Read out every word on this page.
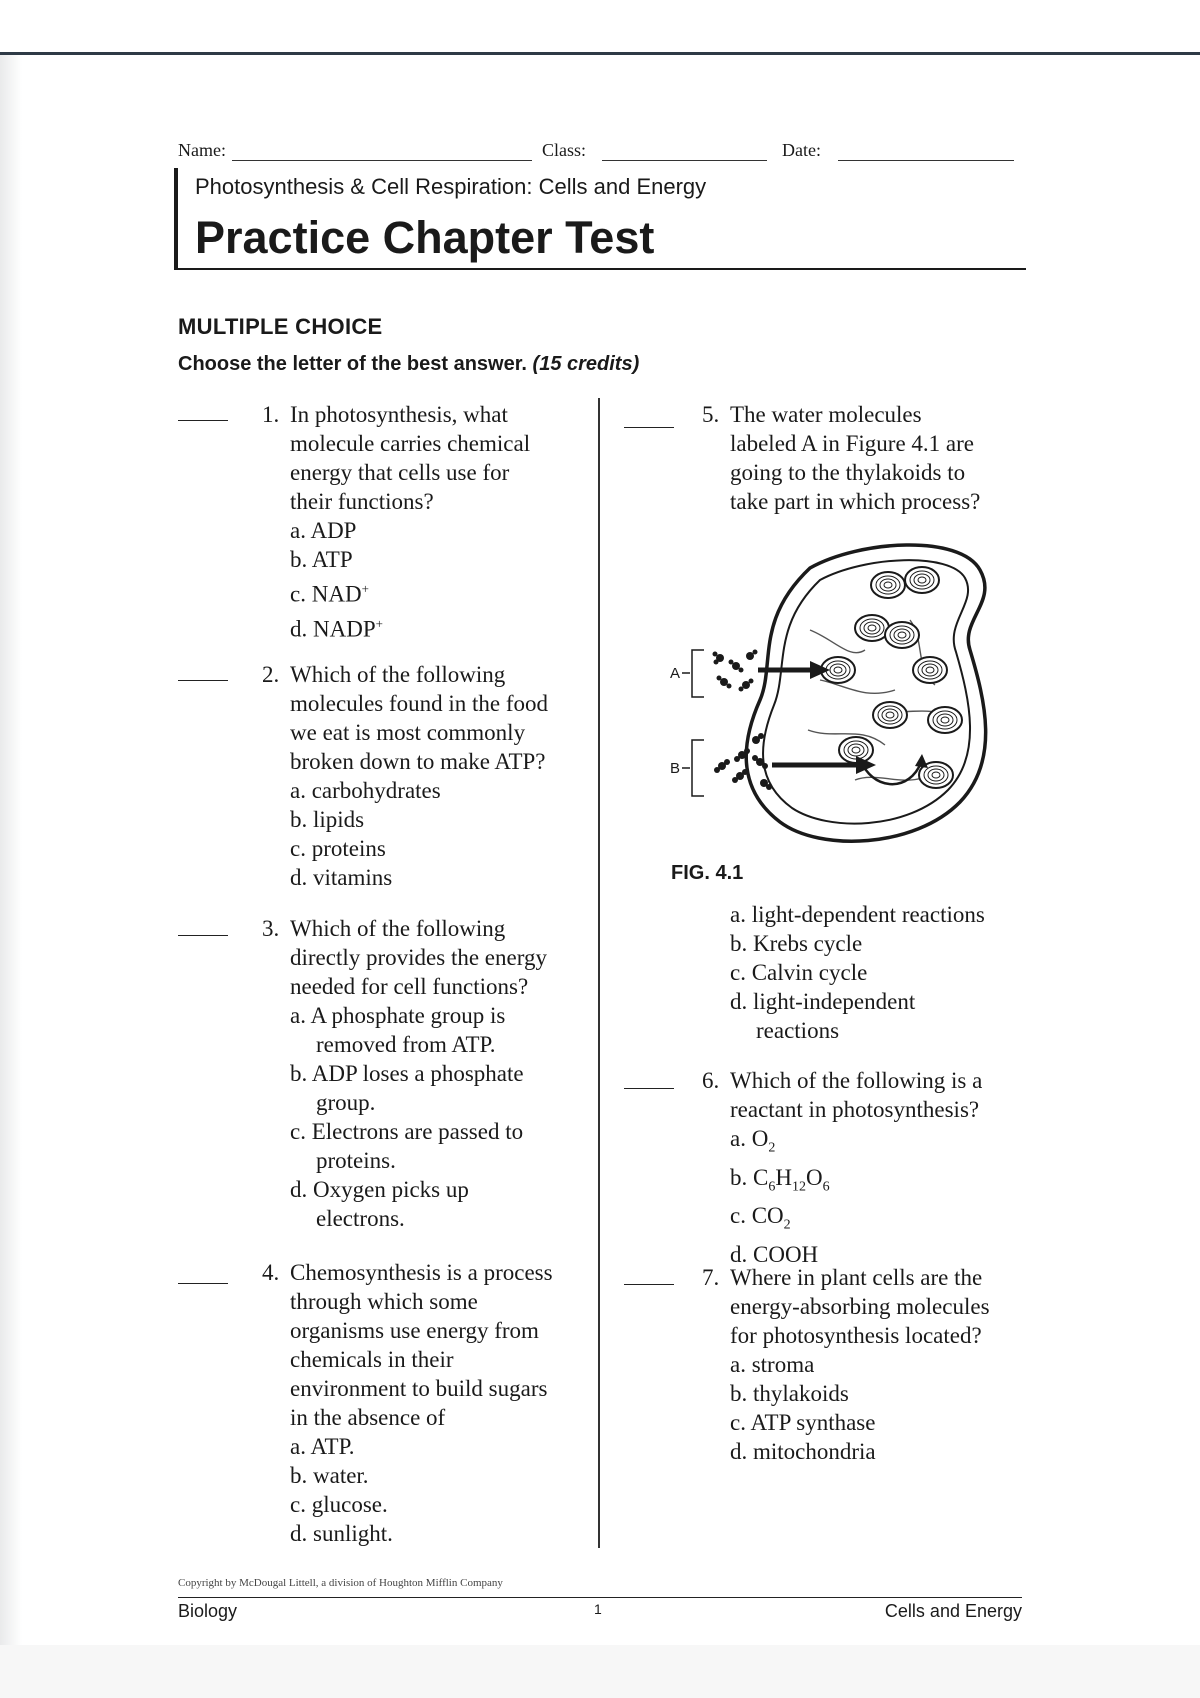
Name:	Class:	Date:
Photosynthesis & Cell Respiration: Cells and Energy
Practice Chapter Test
MULTIPLE CHOICE
Choose the letter of the best answer. (15 credits)
1. In photosynthesis, what
molecule carries chemical
energy that cells use for
their functions?
a. ADP
b. ATP
c. NAD+
d. NADP+
2. Which of the following
molecules found in the food
we eat is most commonly
broken down to make ATP?
a. carbohydrates
b. lipids
c. proteins
d. vitamins
3. Which of the following
directly provides the energy
needed for cell functions?
a. A phosphate group is
removed from ATP.
b. ADP loses a phosphate
group.
c. Electrons are passed to
proteins.
d. Oxygen picks up
electrons.
4. Chemosynthesis is a process
through which some
organisms use energy from
chemicals in their
environment to build sugars
in the absence of
a. ATP.
b. water.
c. glucose.
d. sunlight.
5. The water molecules
labeled A in Figure 4.1 are
going to the thylakoids to
take part in which process?
A
B
FIG. 4.1
a. light-dependent reactions
b. Krebs cycle
c. Calvin cycle
d. light-independent
reactions
6. Which of the following is a
reactant in photosynthesis?
a. $O_2$
b. $C_6H_{12}O_6$
c. $CO_2$
d. COOH
7. Where in plant cells are the
energy-absorbing molecules
for photosynthesis located?
a. stroma
b. thylakoids
c. ATP synthase
d. mitochondria
Copyright by McDougal Littell, a division of Houghton Mifflin Company
Biology	1	Cells and Energy
